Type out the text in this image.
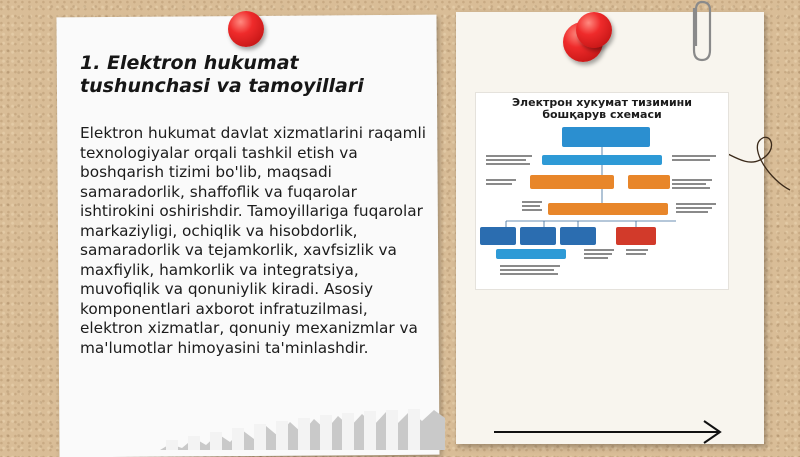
1. Elektron hukumat tushunchasi va tamoyillari

Elektron hukumat davlat xizmatlarini raqamli texnologiyalar orqali tashkil etish va boshqarish tizimi bo'lib, maqsadi samaradorlik, shaffoflik va fuqarolar ishtirokini oshirishdir. Tamoyillariga fuqarolar markaziyligi, ochiqlik va hisobdorlik, samaradorlik va tejamkorlik, xavfsizlik va maxfiylik, hamkorlik va integratsiya, muvofiqlik va qonuniylik kiradi. Asosiy komponentlari axborot infratuzilmasi, elektron xizmatlar, qonuniy mexanizmlar va ma'lumotlar himoyasini ta'minlashdir.

Электрон хукумат тизимини бошқарув схемаси
